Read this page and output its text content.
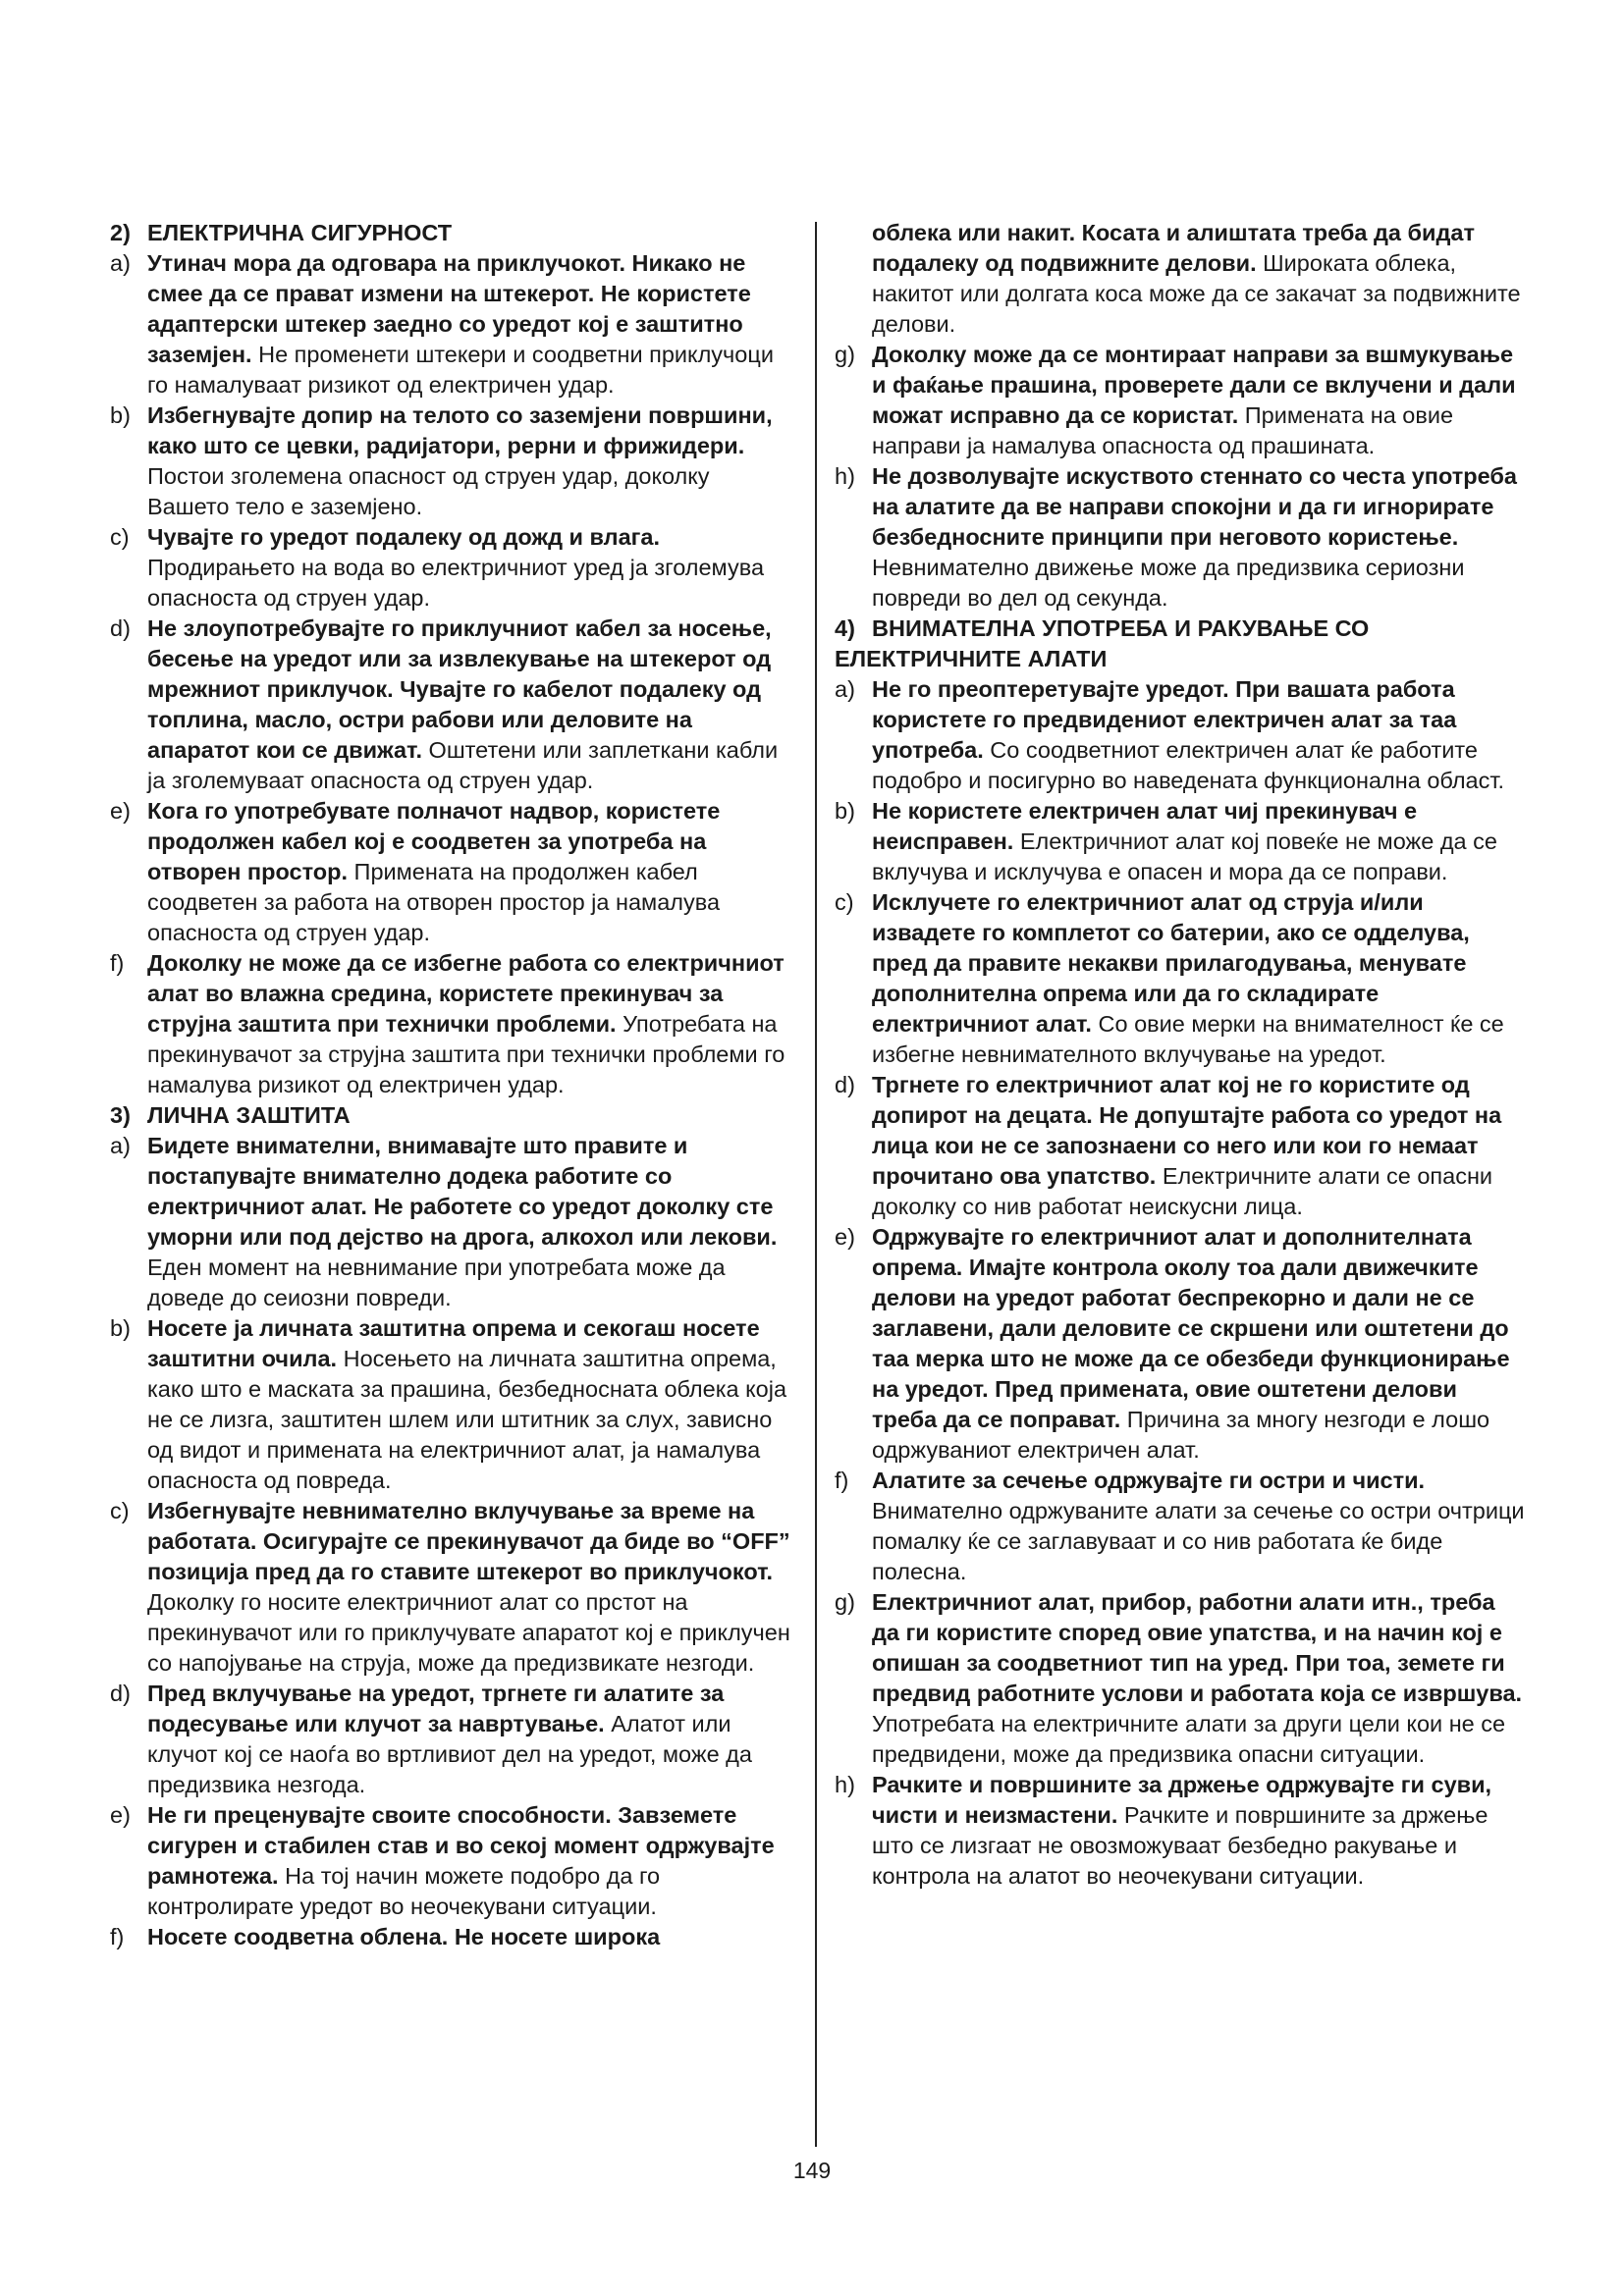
2) ЕЛЕКТРИЧНА СИГУРНОСТ
a) Утинач мора да одговара на приклучокот. Никако не смее да се прават измени на штекерот. Не користете адаптерски штекер заедно со уредот кој е заштитно заземјен. Не променети штекери и соодветни приклучоци го намалуваат ризикот од електричен удар.
b) Избегнувајте допир на телото со заземјени површини, како што се цевки, радијатори, рерни и фрижидери. Постои зголемена опасност од струен удар, доколку Вашето тело е заземјено.
c) Чувајте го уредот подалеку од дожд и влага. Продирањето на вода во електричниот уред ја зголемува опасноста од струен удар.
d) Не злоупотребувајте го приклучниот кабел за носење, бесење на уредот или за извлекување на штекерот од мрежниот приклучок. Чувајте го кабелот подалеку од топлина, масло, остри рабови или деловите на апаратот кои се движат. Оштетени или заплеткани кабли ја зголемуваат опасноста од струен удар.
e) Кога го употребувате полначот надвор, користете продолжен кабел кој е соодветен за употреба на отворен простор. Примената на продолжен кабел соодветен за работа на отворен простор ја намалува опасноста од струен удар.
f) Доколку не може да се избегне работа со електричниот алат во влажна средина, користете прекинувач за струјна заштита при технички проблеми. Употребата на прекинувачот за струјна заштита при технички проблеми го намалува ризикот од електричен удар.
3) ЛИЧНА ЗАШТИТА
a) Бидете внимателни, внимавајте што правите и постапувајте внимателно додека работите со електричниот алат. Не работете со уредот доколку сте уморни или под дејство на дрога, алкохол или лекови. Еден момент на невнимание при употребата може да доведе до сеиозни повреди.
b) Носете ја личната заштитна опрема и секогаш носете заштитни очила. Носењето на личната заштитна опрема, како што е маската за прашина, безбедносната облека која не се лизга, заштитен шлем или штитник за слух, зависно од видот и примената на електричниот алат, ја намалува опасноста од повреда.
c) Избегнувајте невнимателно вклучување за време на работата. Осигурајте се прекинувачот да биде во “OFF” позиција пред да го ставите штекерот во приклучокот. Доколку го носите електричниот алат со прстот на прекинувачот или го приклучувате апаратот кој е приклучен со напојување на струја, може да предизвикате незгоди.
d) Пред вклучување на уредот, тргнете ги алатите за подесување или клучот за навртување. Алатот или клучот кој се наоѓа во вртливиот дел на уредот, може да предизвика незгода.
e) Не ги преценувајте своите способности. Завземете сигурен и стабилен став и во секој момент одржувајте рамнотежа. На тој начин можете подобро да го контролирате уредот во неочекувани ситуации.
f) Носете соодветна облена. Не носете широка
облека или накит. Косата и алиштата треба да бидат подалеку од подвижните делови. Широката облека, накитот или долгата коса може да се закачат за подвижните делови.
g) Доколку може да се монтираат направи за вшмукување и фаќање прашина, проверете дали се вклучени и дали можат исправно да се користат. Примената на овие направи ја намалува опасноста од прашината.
h) Не дозволувајте искуството стеннато со честа употреба на алатите да ве направи спокојни и да ги игнорирате безбедносните принципи при неговото користење. Невнимателно движење може да предизвика сериозни повреди во дел од секунда.
4) ВНИМАТЕЛНА УПОТРЕБА И РАКУВАЊЕ СО ЕЛЕКТРИЧНИТЕ АЛАТИ
a) Не го преоптеретувајте уредот. При вашата работа користете го предвидениот електричен алат за таа употреба. Со соодветниот електричен алат ќе работите подобро и посигурно во наведената функционална област.
b) Не користете електричен алат чиј прекинувач е неисправен. Електричниот алат кој повеќе не може да се вклучува и исклучува е опасен и мора да се поправи.
c) Исклучете го електричниот алат од струја и/или извадете го комплетот со батерии, ако се одделува, пред да правите некакви прилагодувања, менувате дополнителна опрема или да го складирате електричниот алат. Со овие мерки на внимателност ќе се избегне невнимателното вклучување на уредот.
d) Тргнете го електричниот алат кој не го користите од допирот на децата. Не допуштајте работа со уредот на лица кои не се запознаени со него или кои го немаат прочитано ова упатство. Електричните алати се опасни доколку со нив работат неискусни лица.
e) Одржувајте го електричниот алат и дополнителната опрема. Имајте контрола околу тоа дали движечките делови на уредот работат беспрекорно и дали не се заглавени, дали деловите се скршени или оштетени до таа мерка што не може да се обезбеди функционирање на уредот. Пред примената, овие оштетени делови треба да се поправат. Причина за многу незгоди е лошо одржуваниот електричен алат.
f) Алатите за сечење одржувајте ги остри и чисти. Внимателно одржуваните алати за сечење со остри очтрици помалку ќе се заглавуваат и со нив работата ќе биде полесна.
g) Електричниот алат, прибор, работни алати итн., треба да ги користите според овие упатства, и на начин кој е опишан за соодветниот тип на уред. При тоа, земете ги предвид работните услови и работата која се извршува. Употребата на електричните алати за други цели кои не се предвидени, може да предизвика опасни ситуации.
h) Рачките и површините за држење одржувајте ги суви, чисти и неизмастени. Рачките и површините за држење што се лизгаат не овозможуваат безбедно ракување и контрола на алатот во неочекувани ситуации.
149
